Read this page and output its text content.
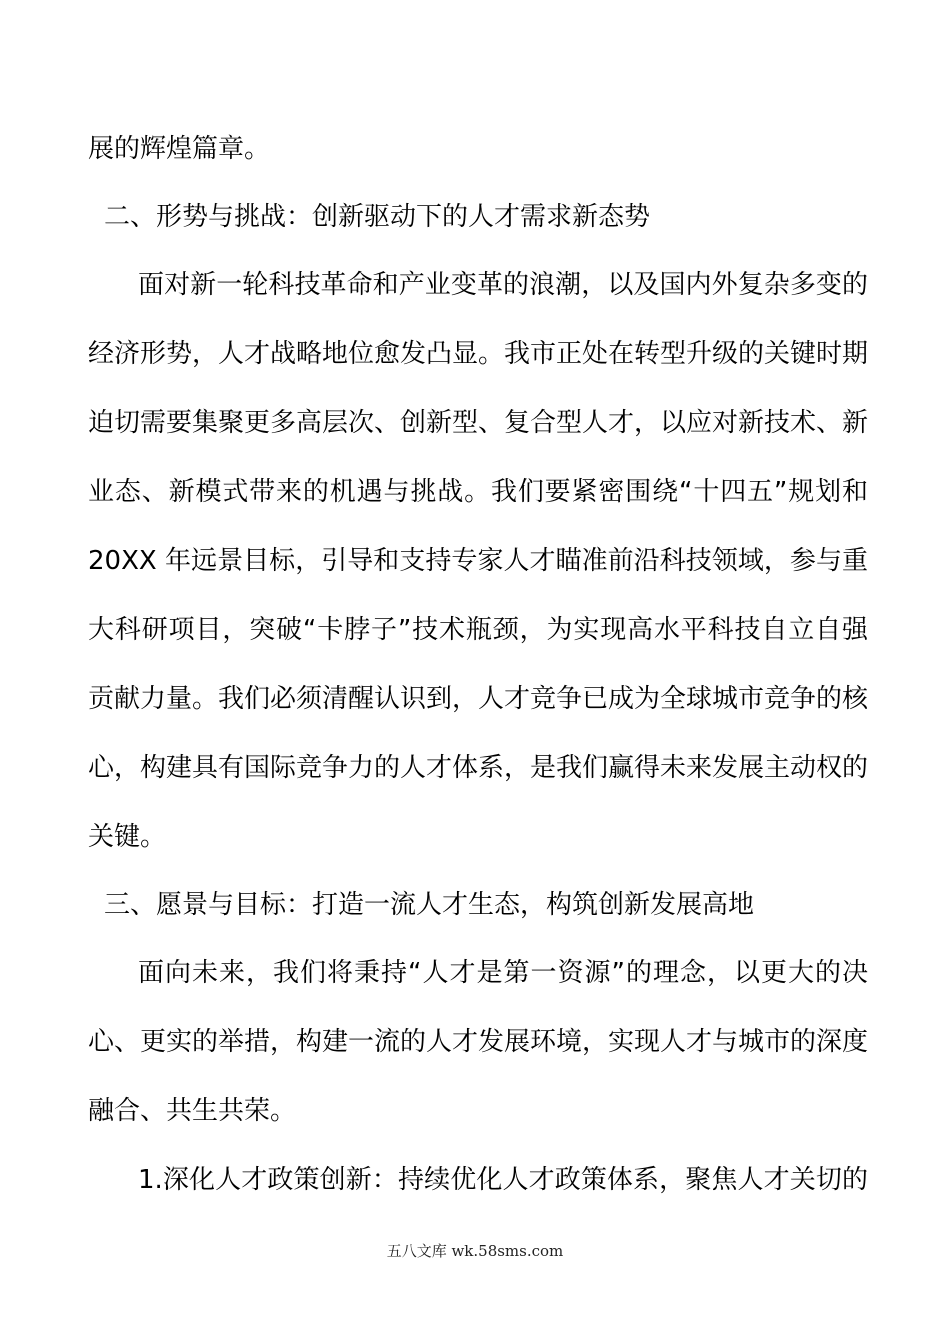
展的辉煌篇章。
二、形势与挑战：创新驱动下的人才需求新态势
面对新一轮科技革命和产业变革的浪潮，以及国内外复杂多变的
经济形势，人才战略地位愈发凸显。我市正处在转型升级的关键时期
迫切需要集聚更多高层次、创新型、复合型人才，以应对新技术、新
业态、新模式带来的机遇与挑战。我们要紧密围绕“十四五”规划和
20XX 年远景目标，引导和支持专家人才瞄准前沿科技领域，参与重
大科研项目，突破“卡脖子”技术瓶颈，为实现高水平科技自立自强
贡献力量。我们必须清醒认识到，人才竞争已成为全球城市竞争的核
心，构建具有国际竞争力的人才体系，是我们赢得未来发展主动权的
关键。
三、愿景与目标：打造一流人才生态，构筑创新发展高地
面向未来，我们将秉持“人才是第一资源”的理念，以更大的决
心、更实的举措，构建一流的人才发展环境，实现人才与城市的深度
融合、共生共荣。
1.深化人才政策创新：持续优化人才政策体系，聚焦人才关切的
五八文库 wk.58sms.com
